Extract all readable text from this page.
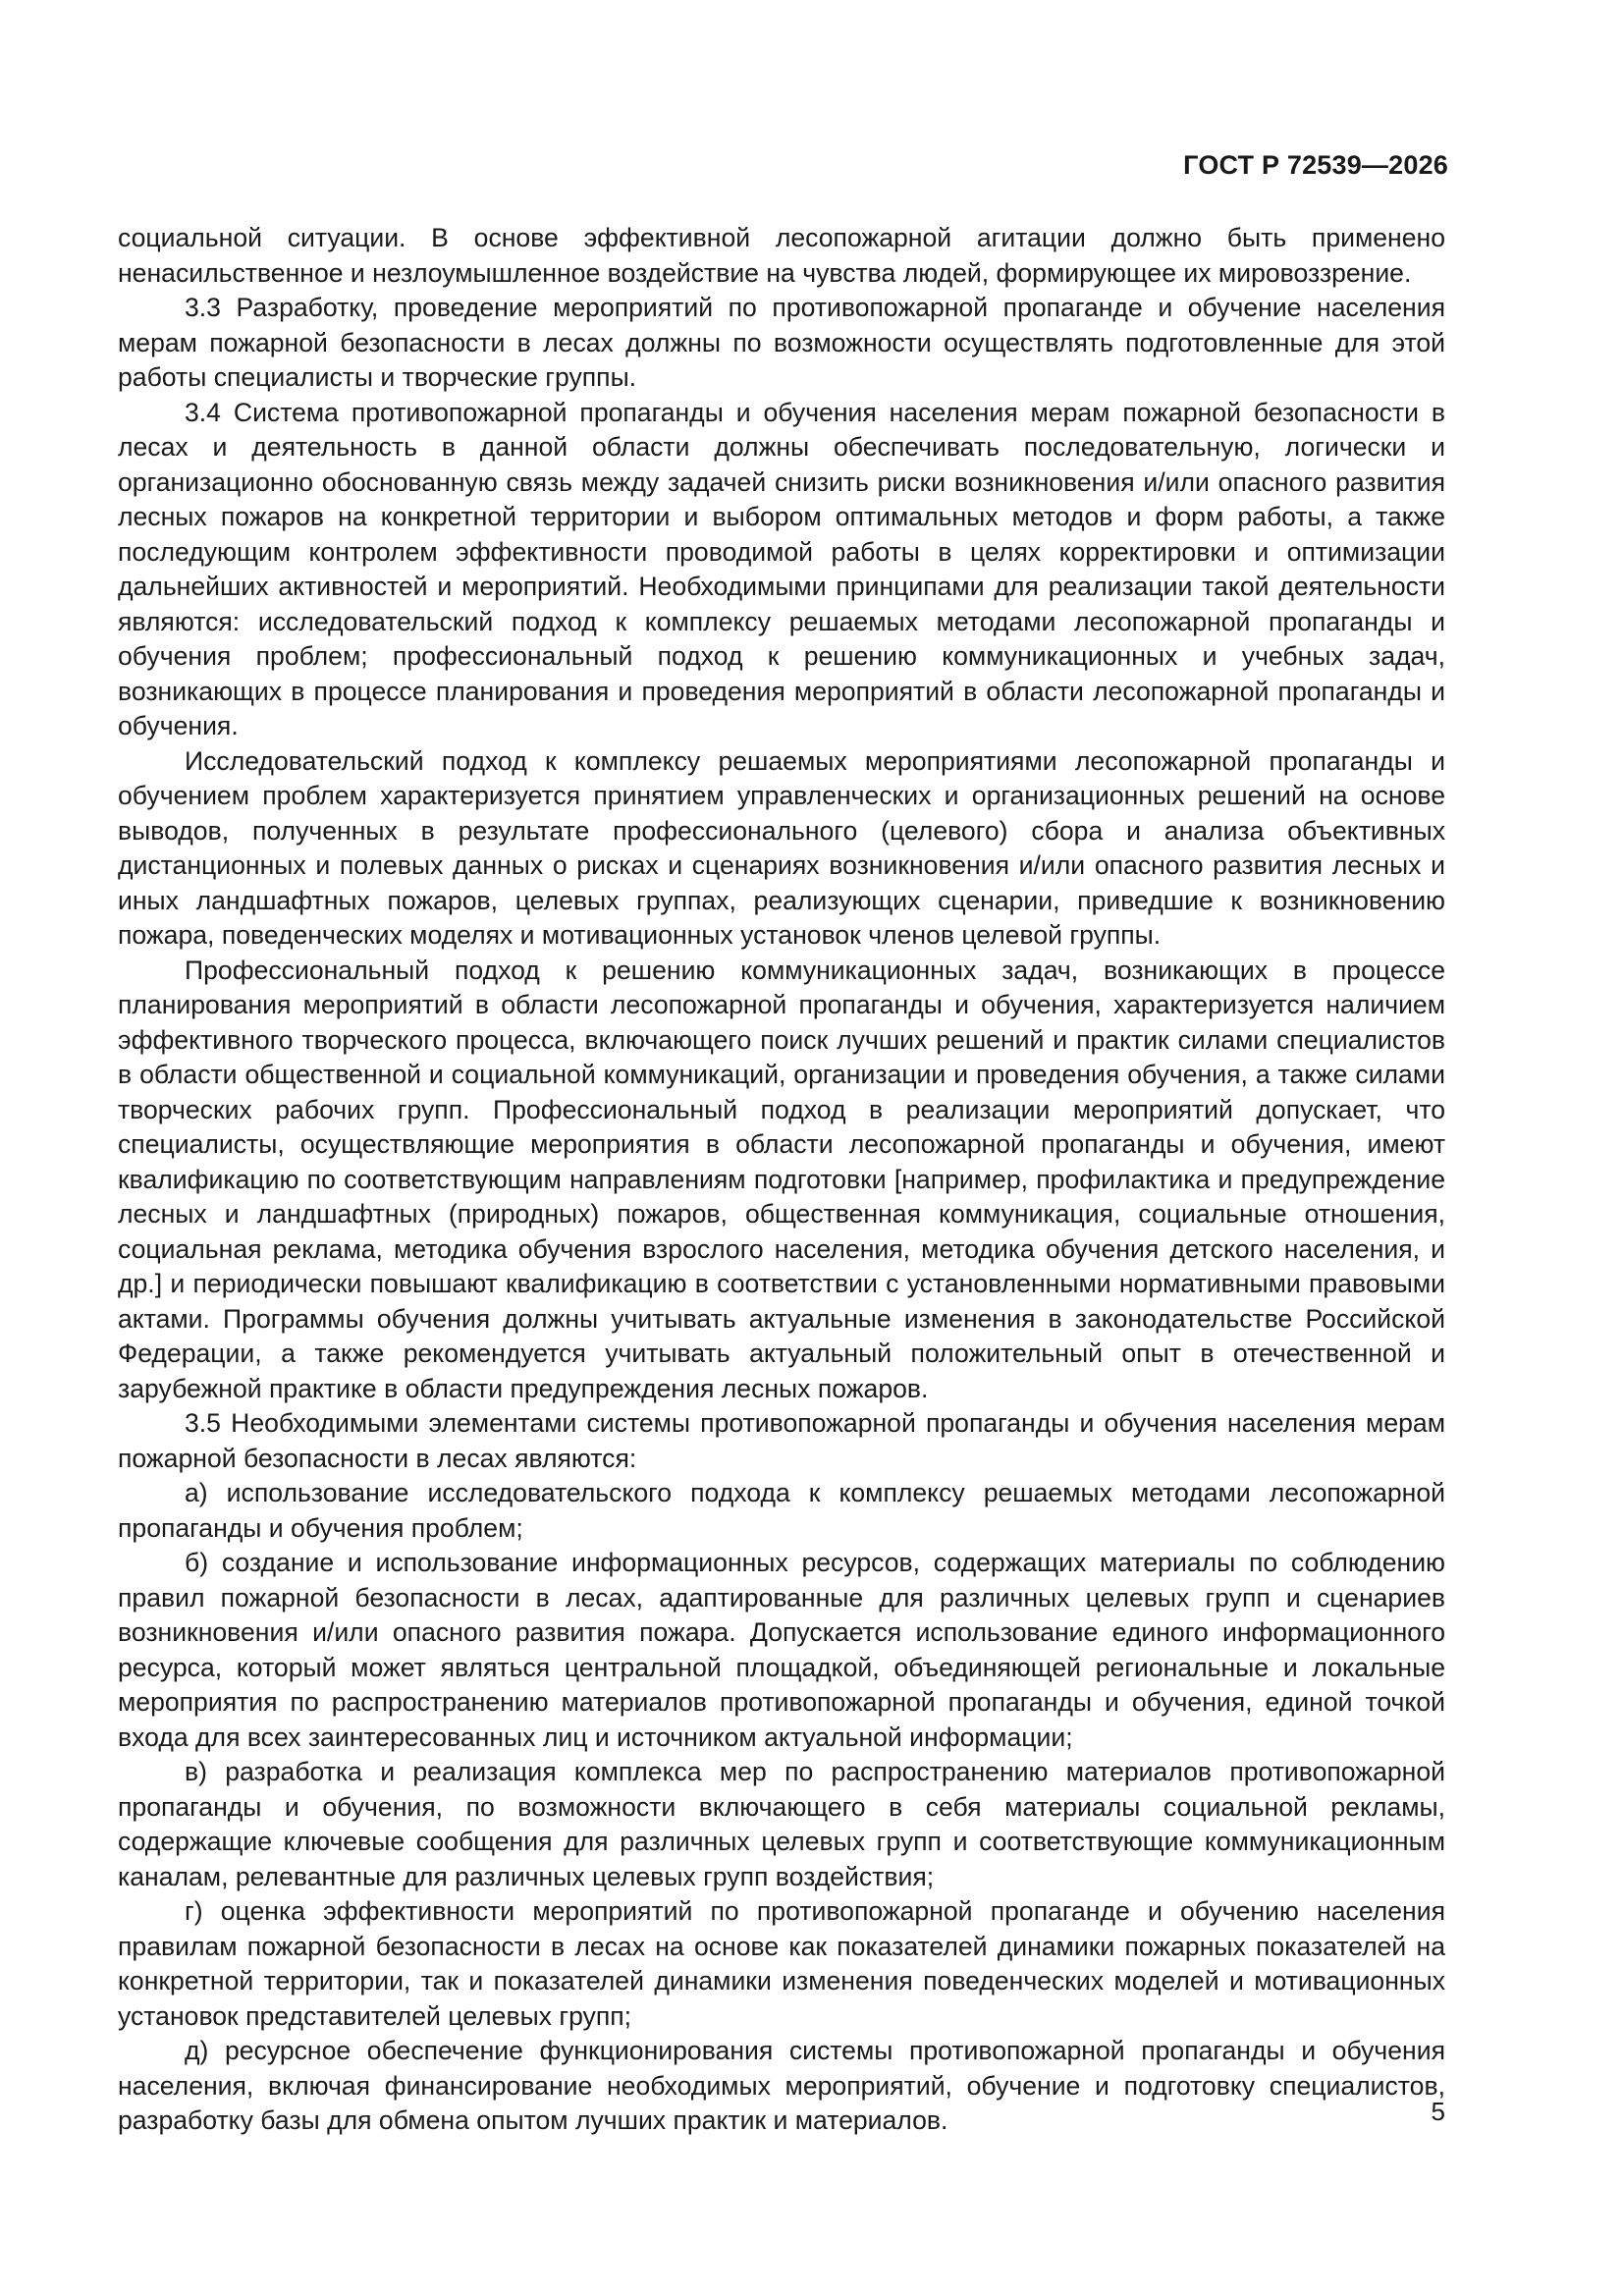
ГОСТ Р 72539—2026

социальной ситуации. В основе эффективной лесопожарной агитации должно быть применено ненасильственное и незлоумышленное воздействие на чувства людей, формирующее их мировоззрение.

3.3 Разработку, проведение мероприятий по противопожарной пропаганде и обучение населения мерам пожарной безопасности в лесах должны по возможности осуществлять подготовленные для этой работы специалисты и творческие группы.

3.4 Система противопожарной пропаганды и обучения населения мерам пожарной безопасности в лесах и деятельность в данной области должны обеспечивать последовательную, логически и организационно обоснованную связь между задачей снизить риски возникновения и/или опасного развития лесных пожаров на конкретной территории и выбором оптимальных методов и форм работы, а также последующим контролем эффективности проводимой работы в целях корректировки и оптимизации дальнейших активностей и мероприятий. Необходимыми принципами для реализации такой деятельности являются: исследовательский подход к комплексу решаемых методами лесопожарной пропаганды и обучения проблем; профессиональный подход к решению коммуникационных и учебных задач, возникающих в процессе планирования и проведения мероприятий в области лесопожарной пропаганды и обучения.

Исследовательский подход к комплексу решаемых мероприятиями лесопожарной пропаганды и обучением проблем характеризуется принятием управленческих и организационных решений на основе выводов, полученных в результате профессионального (целевого) сбора и анализа объективных дистанционных и полевых данных о рисках и сценариях возникновения и/или опасного развития лесных и иных ландшафтных пожаров, целевых группах, реализующих сценарии, приведшие к возникновению пожара, поведенческих моделях и мотивационных установок членов целевой группы.

Профессиональный подход к решению коммуникационных задач, возникающих в процессе планирования мероприятий в области лесопожарной пропаганды и обучения, характеризуется наличием эффективного творческого процесса, включающего поиск лучших решений и практик силами специалистов в области общественной и социальной коммуникаций, организации и проведения обучения, а также силами творческих рабочих групп. Профессиональный подход в реализации мероприятий допускает, что специалисты, осуществляющие мероприятия в области лесопожарной пропаганды и обучения, имеют квалификацию по соответствующим направлениям подготовки [например, профилактика и предупреждение лесных и ландшафтных (природных) пожаров, общественная коммуникация, социальные отношения, социальная реклама, методика обучения взрослого населения, методика обучения детского населения, и др.] и периодически повышают квалификацию в соответствии с установленными нормативными правовыми актами. Программы обучения должны учитывать актуальные изменения в законодательстве Российской Федерации, а также рекомендуется учитывать актуальный положительный опыт в отечественной и зарубежной практике в области предупреждения лесных пожаров.

3.5 Необходимыми элементами системы противопожарной пропаганды и обучения населения мерам пожарной безопасности в лесах являются:

а) использование исследовательского подхода к комплексу решаемых методами лесопожарной пропаганды и обучения проблем;

б) создание и использование информационных ресурсов, содержащих материалы по соблюдению правил пожарной безопасности в лесах, адаптированные для различных целевых групп и сценариев возникновения и/или опасного развития пожара. Допускается использование единого информационного ресурса, который может являться центральной площадкой, объединяющей региональные и локальные мероприятия по распространению материалов противопожарной пропаганды и обучения, единой точкой входа для всех заинтересованных лиц и источником актуальной информации;

в) разработка и реализация комплекса мер по распространению материалов противопожарной пропаганды и обучения, по возможности включающего в себя материалы социальной рекламы, содержащие ключевые сообщения для различных целевых групп и соответствующие коммуникационным каналам, релевантные для различных целевых групп воздействия;

г) оценка эффективности мероприятий по противопожарной пропаганде и обучению населения правилам пожарной безопасности в лесах на основе как показателей динамики пожарных показателей на конкретной территории, так и показателей динамики изменения поведенческих моделей и мотивационных установок представителей целевых групп;

д) ресурсное обеспечение функционирования системы противопожарной пропаганды и обучения населения, включая финансирование необходимых мероприятий, обучение и подготовку специалистов, разработку базы для обмена опытом лучших практик и материалов.	5
